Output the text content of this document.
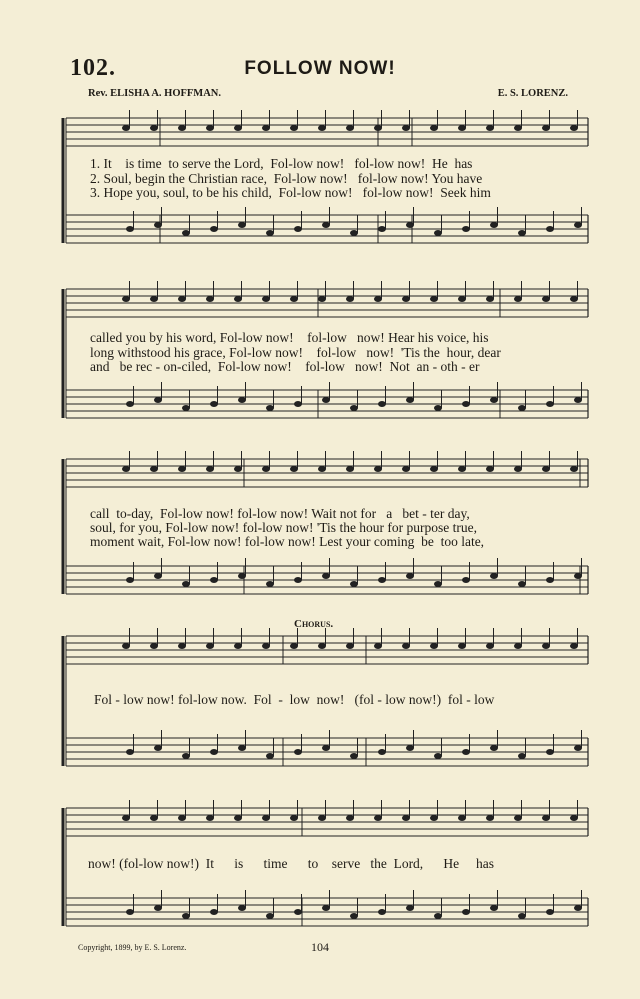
102.	FOLLOW NOW!
Rev. ELISHA A. HOFFMAN.	E. S. LORENZ.
1. It    is time  to serve the Lord,  Fol-low now!   fol-low now!  He  has
2. Soul, begin the Christian race,  Fol-low now!   fol-low now! You have
3. Hope you, soul, to be his child,  Fol-low now!   fol-low now!  Seek him
called you by his word, Fol-low now!    fol-low   now! Hear his voice, his
long withstood his grace, Fol-low now!    fol-low   now!  'Tis the  hour, dear
and   be rec - on-ciled,  Fol-low now!    fol-low   now!  Not  an - oth - er
call  to-day,  Fol-low now! fol-low now! Wait not for   a   bet - ter day,
soul, for you, Fol-low now! fol-low now! 'Tis the hour for purpose true,
moment wait, Fol-low now! fol-low now! Lest your coming  be  too late,
Chorus.
Fol - low now! fol-low now.  Fol  -  low  now!   (fol - low now!)  fol - low
now! (fol-low now!)  It      is      time      to    serve   the  Lord,      He     has
Copyright, 1899, by E. S. Lorenz.	104
